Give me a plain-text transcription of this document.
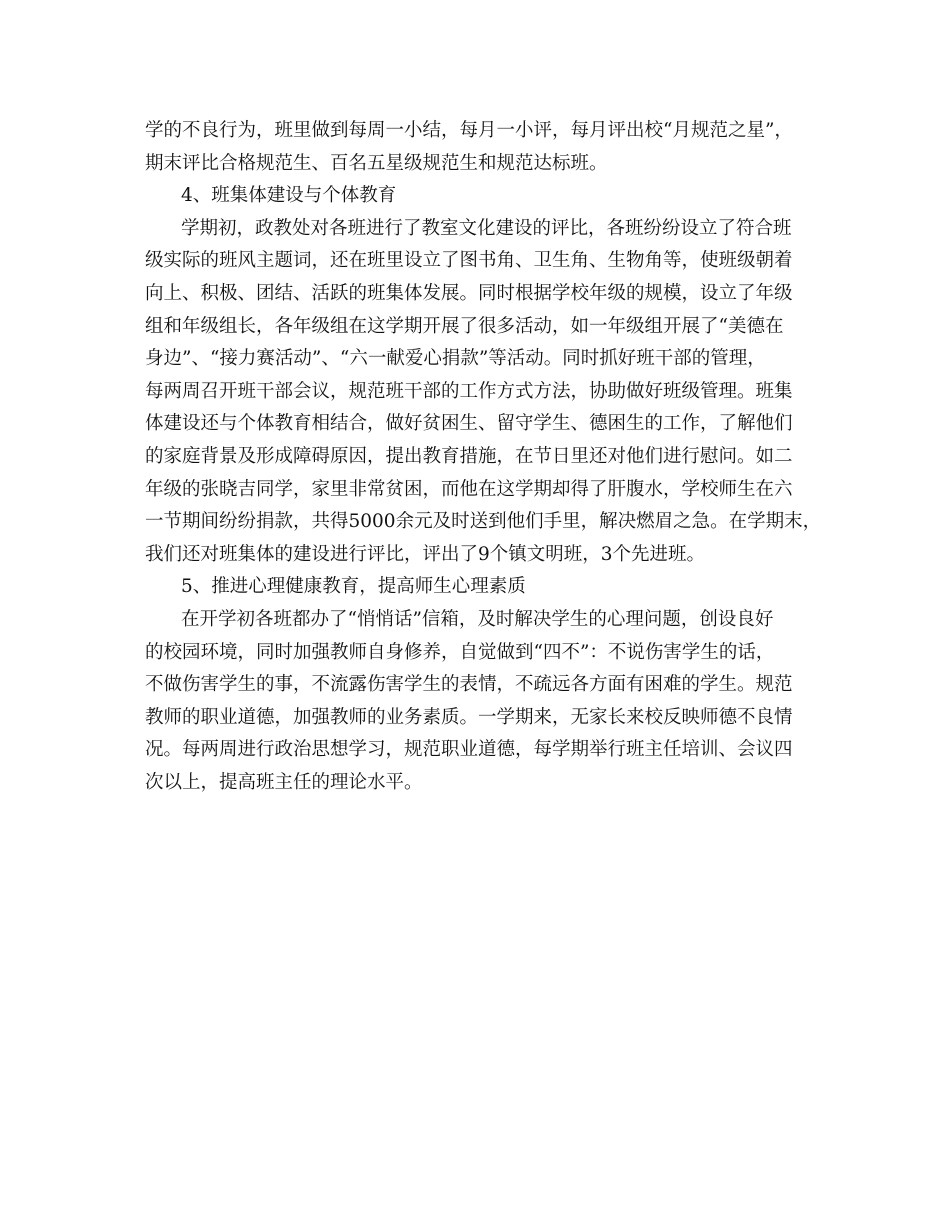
学的不良行为，班里做到每周一小结，每月一小评，每月评出校“月规范之星”，
期末评比合格规范生、百名五星级规范生和规范达标班。
4、班集体建设与个体教育
学期初，政教处对各班进行了教室文化建设的评比，各班纷纷设立了符合班
级实际的班风主题词，还在班里设立了图书角、卫生角、生物角等，使班级朝着
向上、积极、团结、活跃的班集体发展。同时根据学校年级的规模，设立了年级
组和年级组长，各年级组在这学期开展了很多活动，如一年级组开展了“美德在
身边”、“接力赛活动”、“六一献爱心捐款”等活动。同时抓好班干部的管理，
每两周召开班干部会议，规范班干部的工作方式方法，协助做好班级管理。班集
体建设还与个体教育相结合，做好贫困生、留守学生、德困生的工作，了解他们
的家庭背景及形成障碍原因，提出教育措施，在节日里还对他们进行慰问。如二
年级的张晓吉同学，家里非常贫困，而他在这学期却得了肝腹水，学校师生在六
一节期间纷纷捐款，共得5000余元及时送到他们手里，解决燃眉之急。在学期末，
我们还对班集体的建设进行评比，评出了9个镇文明班，3个先进班。
5、推进心理健康教育，提高师生心理素质
在开学初各班都办了“悄悄话”信箱，及时解决学生的心理问题，创设良好
的校园环境，同时加强教师自身修养，自觉做到“四不”：不说伤害学生的话，
不做伤害学生的事，不流露伤害学生的表情，不疏远各方面有困难的学生。规范
教师的职业道德，加强教师的业务素质。一学期来，无家长来校反映师德不良情
况。每两周进行政治思想学习，规范职业道德，每学期举行班主任培训、会议四
次以上，提高班主任的理论水平。
